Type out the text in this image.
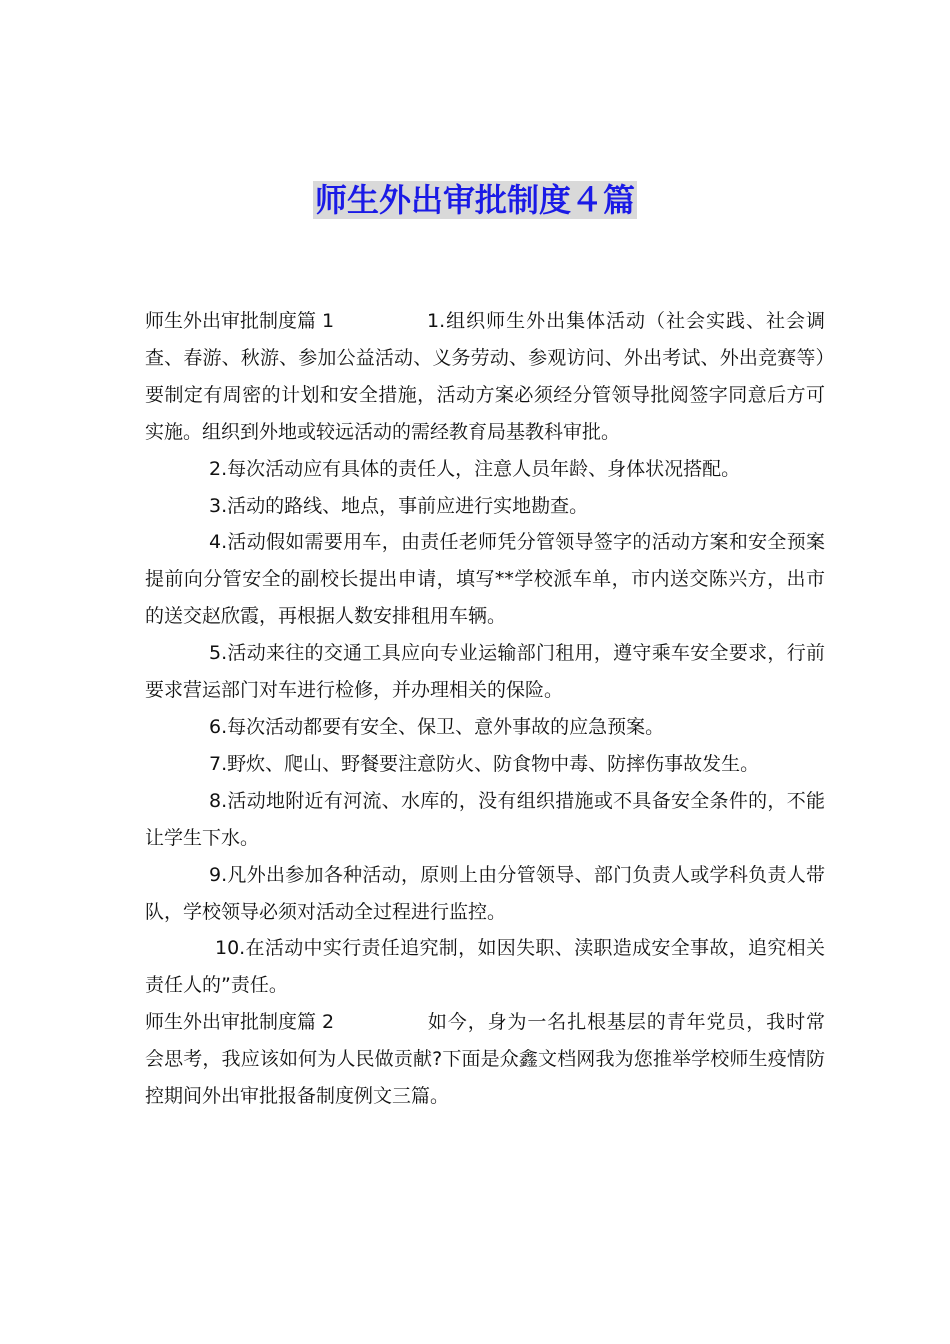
师生外出审批制度４篇

师生外出审批制度篇 1	1.组织师生外出集体活动（社会实践、社会调查、春游、秋游、参加公益活动、义务劳动、参观访问、外出考试、外出竞赛等）要制定有周密的计划和安全措施，活动方案必须经分管领导批阅签字同意后方可实施。组织到外地或较远活动的需经教育局基教科审批。

2.每次活动应有具体的责任人，注意人员年龄、身体状况搭配。

3.活动的路线、地点，事前应进行实地勘查。

4.活动假如需要用车，由责任老师凭分管领导签字的活动方案和安全预案提前向分管安全的副校长提出申请，填写**学校派车单，市内送交陈兴方，出市的送交赵欣霞，再根据人数安排租用车辆。

5.活动来往的交通工具应向专业运输部门租用，遵守乘车安全要求，行前要求营运部门对车进行检修，并办理相关的保险。

6.每次活动都要有安全、保卫、意外事故的应急预案。

7.野炊、爬山、野餐要注意防火、防食物中毒、防摔伤事故发生。

8.活动地附近有河流、水库的，没有组织措施或不具备安全条件的，不能让学生下水。

9.凡外出参加各种活动，原则上由分管领导、部门负责人或学科负责人带队，学校领导必须对活动全过程进行监控。

10.在活动中实行责任追究制，如因失职、渎职造成安全事故，追究相关责任人的”责任。

师生外出审批制度篇 2	如今，身为一名扎根基层的青年党员，我时常会思考，我应该如何为人民做贡献?下面是众鑫文档网我为您推举学校师生疫情防控期间外出审批报备制度例文三篇。
